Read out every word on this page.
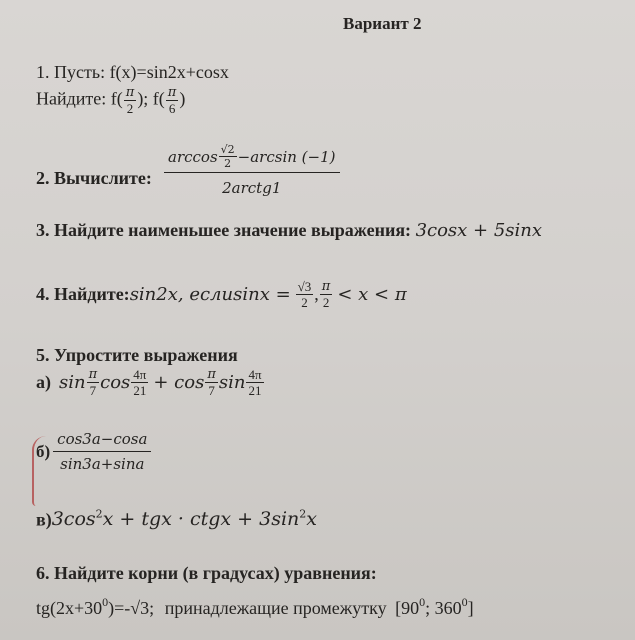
Вариант 2
1. Пусть: f(x)=sin2x+cosx
Найдите: $f( \frac{\pi}{2}$ ); $f( \frac{\pi}{6}$ )
2. Вычислите:
$\arccos \frac{√2}{2} -\arcsin$ (−1)
2arctg1
3. Найдите наименьшее значение выражения: 3cosx + 5sinx
4. Найдите: sin2x, еслиsinx = $\frac{√3}{2}$ , $\frac{\pi}{2} < x < \pi$
5. Упростите выражения
а) $\sin \frac{\pi}{7}$ $\cos \frac{4\pi}{21} + \cos \frac{\pi}{7}$ $\sin \frac{4\pi}{21}$
$б) \frac{\cos 3a-\cos a}{\sin 3a+\sin a}$
$в)3\cos^2x$ + tgx · ctgx + $3\sin^2x$
6. Найдите корни (в градусах) уравнения:
$tg(2x+30^0)=-√3$; принадлежащие промежутку [$90^0$; $360^0$]
